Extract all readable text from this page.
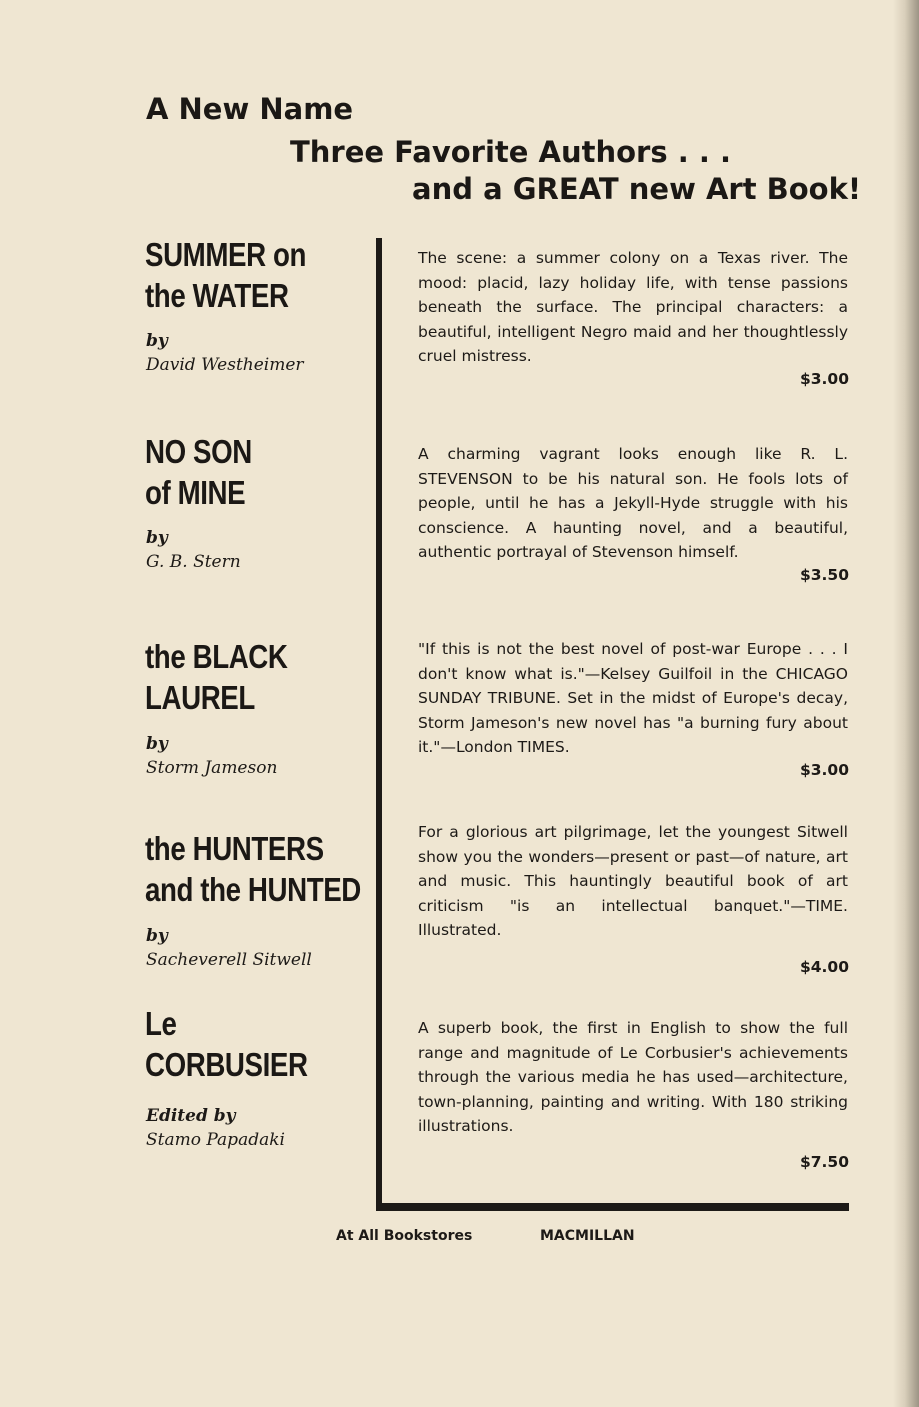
A New Name
Three Favorite Authors . . .
and a GREAT new Art Book!
SUMMER on
the WATER
by
David Westheimer
The scene: a summer colony on a Texas river. The mood: placid, lazy holiday life, with tense passions beneath the surface. The principal characters: a beautiful, intelligent Negro maid and her thoughtlessly cruel mistress.
$3.00
NO SON
of MINE
by
G. B. Stern
A charming vagrant looks enough like R. L. STEVENSON to be his natural son. He fools lots of people, until he has a Jekyll-Hyde struggle with his conscience. A haunting novel, and a beautiful, authentic portrayal of Stevenson himself.
$3.50
the BLACK
LAUREL
by
Storm Jameson
"If this is not the best novel of post-war Europe . . . I don't know what is."—Kelsey Guilfoil in the CHICAGO SUNDAY TRIBUNE. Set in the midst of Europe's decay, Storm Jameson's new novel has "a burning fury about it."—London TIMES.
$3.00
the HUNTERS
and the HUNTED
by
Sacheverell Sitwell
For a glorious art pilgrimage, let the youngest Sitwell show you the wonders—present or past—of nature, art and music. This hauntingly beautiful book of art criticism "is an intellectual banquet."—TIME. Illustrated.
$4.00
Le
CORBUSIER
Edited by
Stamo Papadaki
A superb book, the first in English to show the full range and magnitude of Le Corbusier's achievements through the various media he has used—architecture, town-planning, painting and writing. With 180 striking illustrations.
$7.50
At All Bookstores	MACMILLAN
